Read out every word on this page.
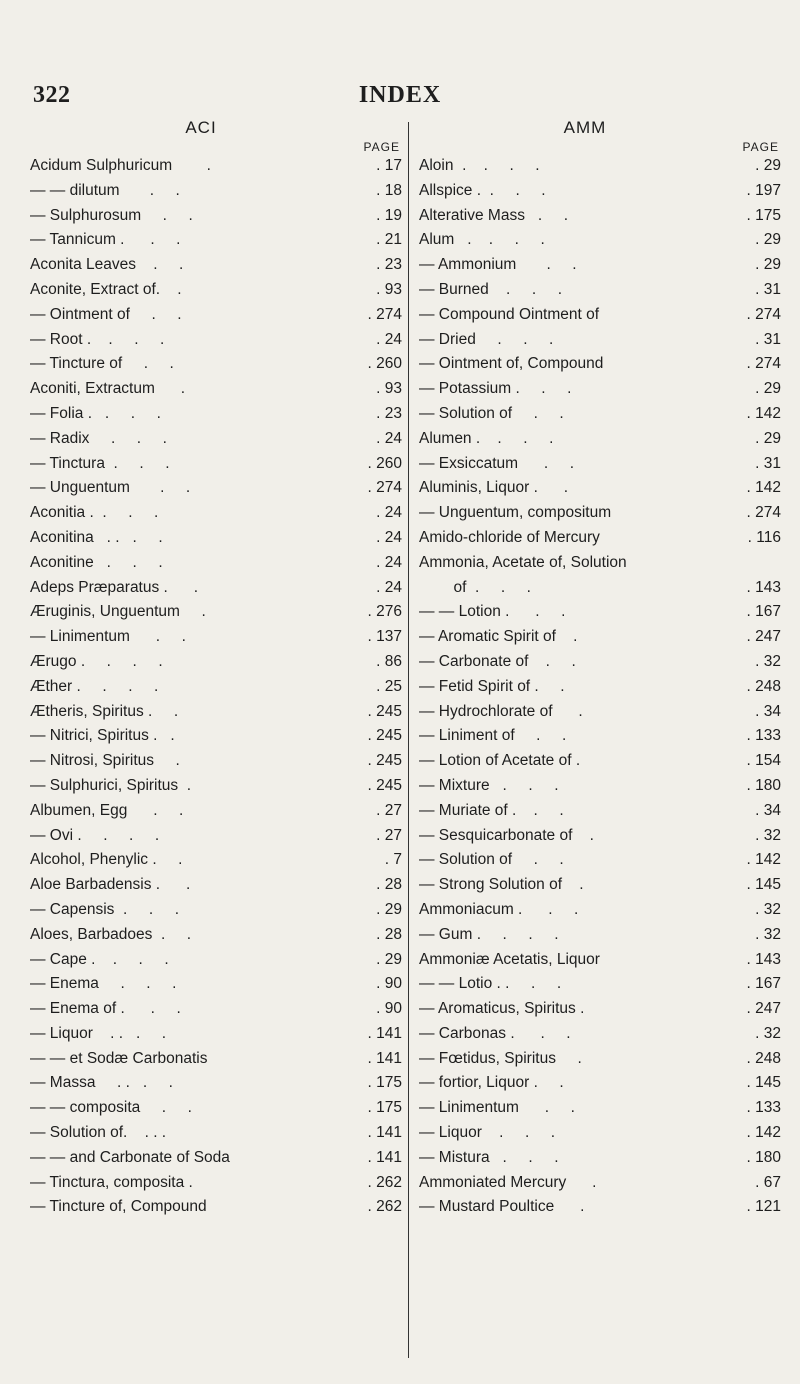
322	INDEX
ACI
PAGE
Acidum Sulphuricum        .	. 17
— — dilutum       .     .	. 18
— Sulphurosum     .     .	. 19
— Tannicum .      .     .	. 21
Aconita Leaves    .     .	. 23
Aconite, Extract of.    .	. 93
— Ointment of     .     .	. 274
— Root .    .     .     .	. 24
— Tincture of     .     .	. 260
Aconiti, Extractum      .	. 93
— Folia .   .     .     .	. 23
— Radix     .     .     .	. 24
— Tinctura  .     .     .	. 260
— Unguentum       .     .	. 274
Aconitia .  .     .     .	. 24
Aconitina   . .   .     .	. 24
Aconitine   .     .     .	. 24
Adeps Præparatus .      .	. 24
Æruginis, Unguentum     .	. 276
— Linimentum      .     .	. 137
Ærugo .     .     .     .	. 86
Æther .     .     .     .	. 25
Ætheris, Spiritus .     .	. 245
— Nitrici, Spiritus .   .	. 245
— Nitrosi, Spiritus     .	. 245
— Sulphurici, Spiritus  .	. 245
Albumen, Egg      .     .	. 27
— Ovi .     .     .     .	. 27
Alcohol, Phenylic .     .	. 7
Aloe Barbadensis .      .	. 28
— Capensis  .     .     .	. 29
Aloes, Barbadoes  .     .	. 28
— Cape .    .     .     .	. 29
— Enema     .     .     .	. 90
— Enema of .      .     .	. 90
— Liquor    . .   .     .	. 141
— — et Sodæ Carbonatis	. 141
— Massa     . .   .     .	. 175
— — composita     .     .	. 175
— Solution of.    . . .	. 141
— — and Carbonate of Soda	. 141
— Tinctura, composita .	. 262
— Tincture of, Compound	. 262
AMM
PAGE
Aloin  .    .     .     .	. 29
Allspice .  .     .     .	. 197
Alterative Mass   .     .	. 175
Alum   .    .     .     .	. 29
— Ammonium       .     .	. 29
— Burned    .     .     .	. 31
— Compound Ointment of	. 274
— Dried     .     .     .	. 31
— Ointment of, Compound	. 274
— Potassium .     .     .	. 29
— Solution of     .     .	. 142
Alumen .    .     .     .	. 29
— Exsiccatum      .     .	. 31
Aluminis, Liquor .      .	. 142
— Unguentum, compositum	. 274
Amido-chloride of Mercury	. 116
Ammonia, Acetate of, Solution
of  .     .     .	. 143
— — Lotion .      .     .	. 167
— Aromatic Spirit of    .	. 247
— Carbonate of    .     .	. 32
— Fetid Spirit of .     .	. 248
— Hydrochlorate of      .	. 34
— Liniment of     .     .	. 133
— Lotion of Acetate of .	. 154
— Mixture   .     .     .	. 180
— Muriate of .    .     .	. 34
— Sesquicarbonate of    .	. 32
— Solution of     .     .	. 142
— Strong Solution of    .	. 145
Ammoniacum .      .     .	. 32
— Gum .     .     .     .	. 32
Ammoniæ Acetatis, Liquor	. 143
— — Lotio . .     .     .	. 167
— Aromaticus, Spiritus .	. 247
— Carbonas .      .     .	. 32
— Fœtidus, Spiritus     .	. 248
— fortior, Liquor .     .	. 145
— Linimentum      .     .	. 133
— Liquor    .     .     .	. 142
— Mistura   .     .     .	. 180
Ammoniated Mercury      .	. 67
— Mustard Poultice      .	. 121
